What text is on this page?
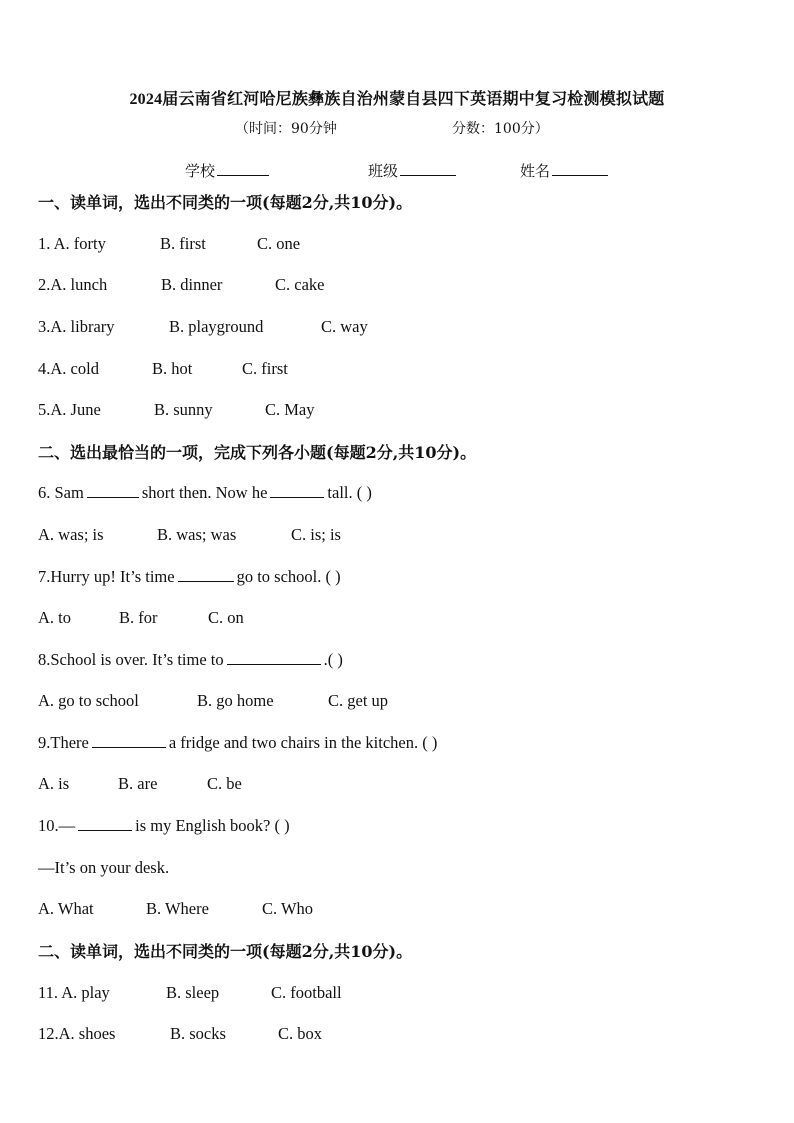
2024届云南省红河哈尼族彝族自治州蒙自县四下英语期中复习检测模拟试题
（时间：90分钟	分数：100分）
学校	班级	姓名
一、读单词，选出不同类的一项(每题2分,共10分)。
1. A. forty	B. first	C. one
2.A. lunch	B. dinner	C. cake
3.A. library	B. playground	C. way
4.A. cold	B. hot	C. first
5.A. June	B. sunny	C. May
二、选出最恰当的一项，完成下列各小题(每题2分,共10分)。
6. Sam	short then. Now he	tall. ( )
A. was; is	B. was; was	C. is; is
7.Hurry up! It’s time	go to school. ( )
A. to	B. for	C. on
8.School is over. It’s time to	.( )
A. go to school	B. go home	C. get up
9.There	a fridge and two chairs in the kitchen. ( )
A. is	B. are	C. be
10.—	is my English book? ( )
—It’s on your desk.
A. What	B. Where	C. Who
二、读单词，选出不同类的一项(每题2分,共10分)。
11. A. play	B. sleep	C. football
12.A. shoes	B. socks	C. box
